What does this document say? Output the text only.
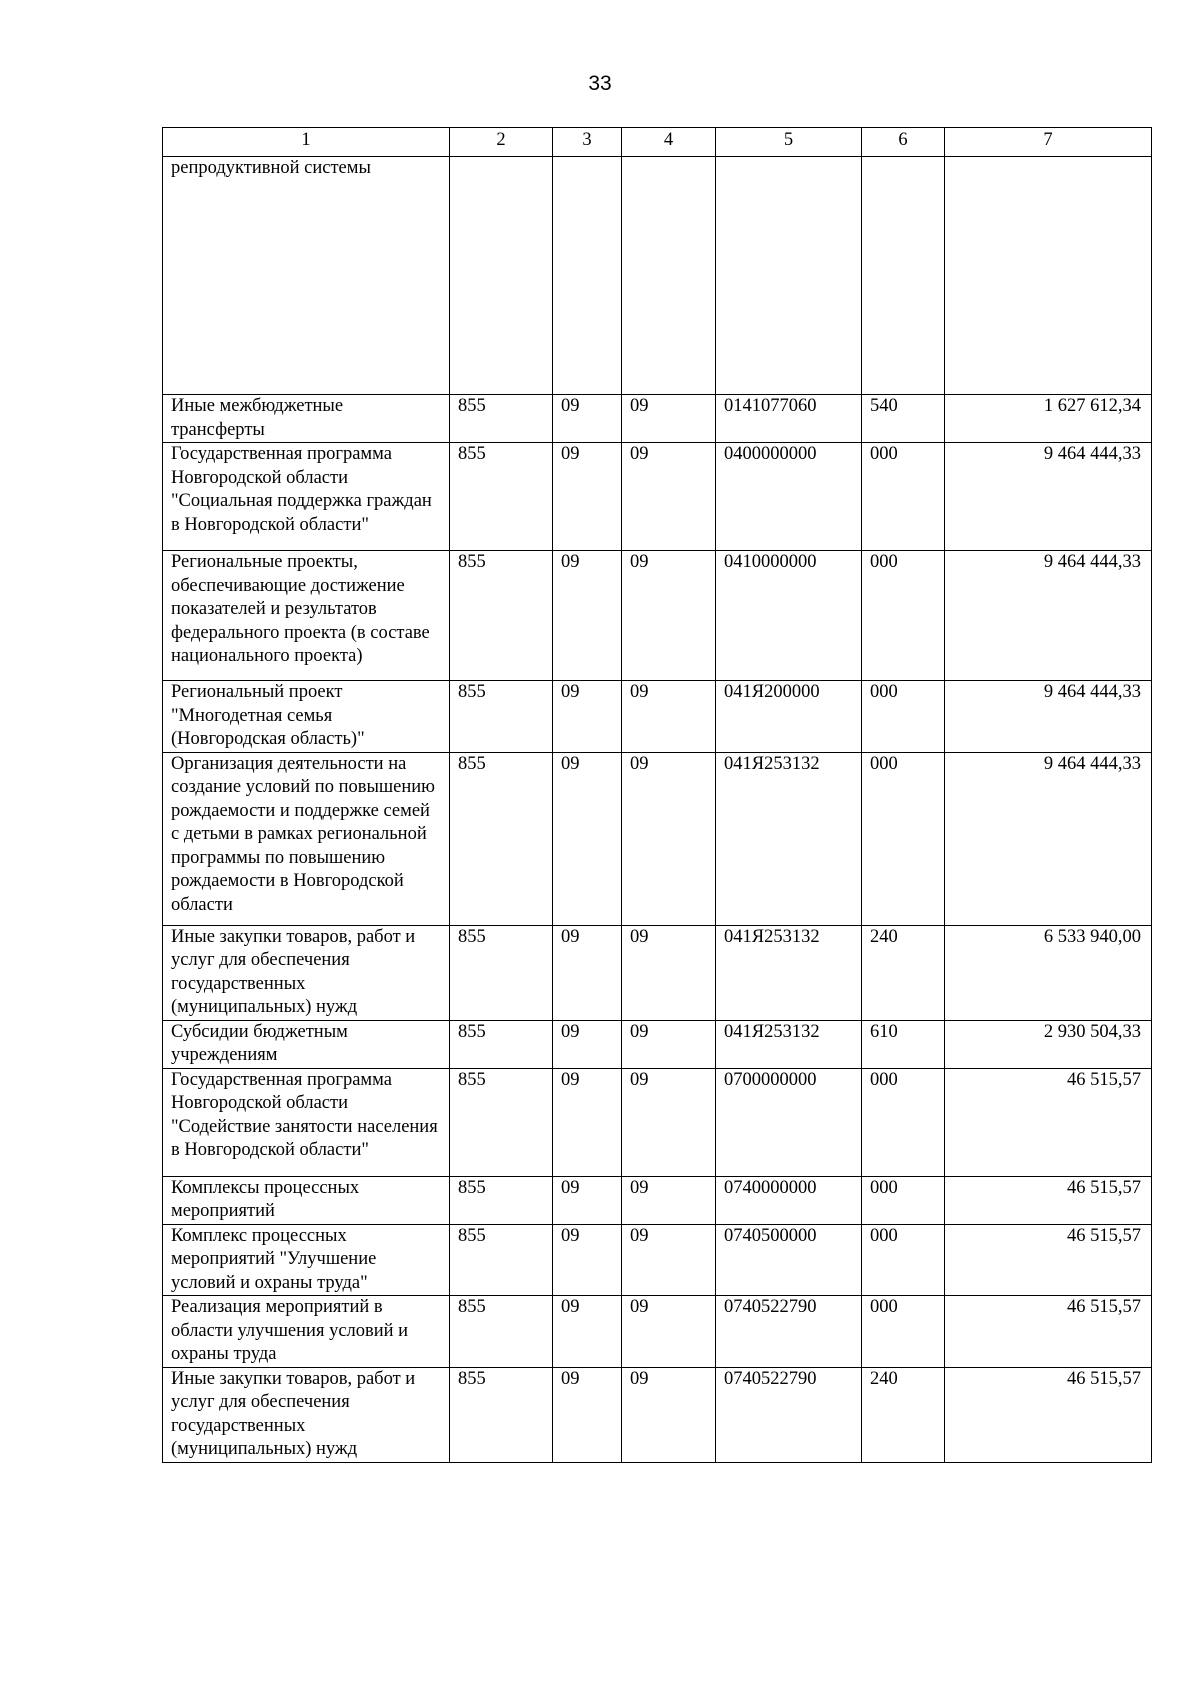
33
1	2	3	4	5	6	7
репродуктивной системы						
Иные межбюджетные трансферты	855	09	09	0141077060	540	1 627 612,34
Государственная программа Новгородской области "Социальная поддержка граждан в Новгородской области"	855	09	09	0400000000	000	9 464 444,33
Региональные проекты, обеспечивающие достижение показателей и результатов федерального проекта (в составе национального проекта)	855	09	09	0410000000	000	9 464 444,33
Региональный проект "Многодетная семья (Новгородская область)"	855	09	09	041Я200000	000	9 464 444,33
Организация деятельности на создание условий по повышению рождаемости и поддержке семей с детьми в рамках региональной программы по повышению рождаемости в Новгородской области	855	09	09	041Я253132	000	9 464 444,33
Иные закупки товаров, работ и услуг для обеспечения государственных (муниципальных) нужд	855	09	09	041Я253132	240	6 533 940,00
Субсидии бюджетным учреждениям	855	09	09	041Я253132	610	2 930 504,33
Государственная программа Новгородской области "Содействие занятости населения в Новгородской области"	855	09	09	0700000000	000	46 515,57
Комплексы процессных мероприятий	855	09	09	0740000000	000	46 515,57
Комплекс процессных мероприятий "Улучшение условий и охраны труда"	855	09	09	0740500000	000	46 515,57
Реализация мероприятий в области улучшения условий и охраны труда	855	09	09	0740522790	000	46 515,57
Иные закупки товаров, работ и услуг для обеспечения государственных (муниципальных) нужд	855	09	09	0740522790	240	46 515,57
